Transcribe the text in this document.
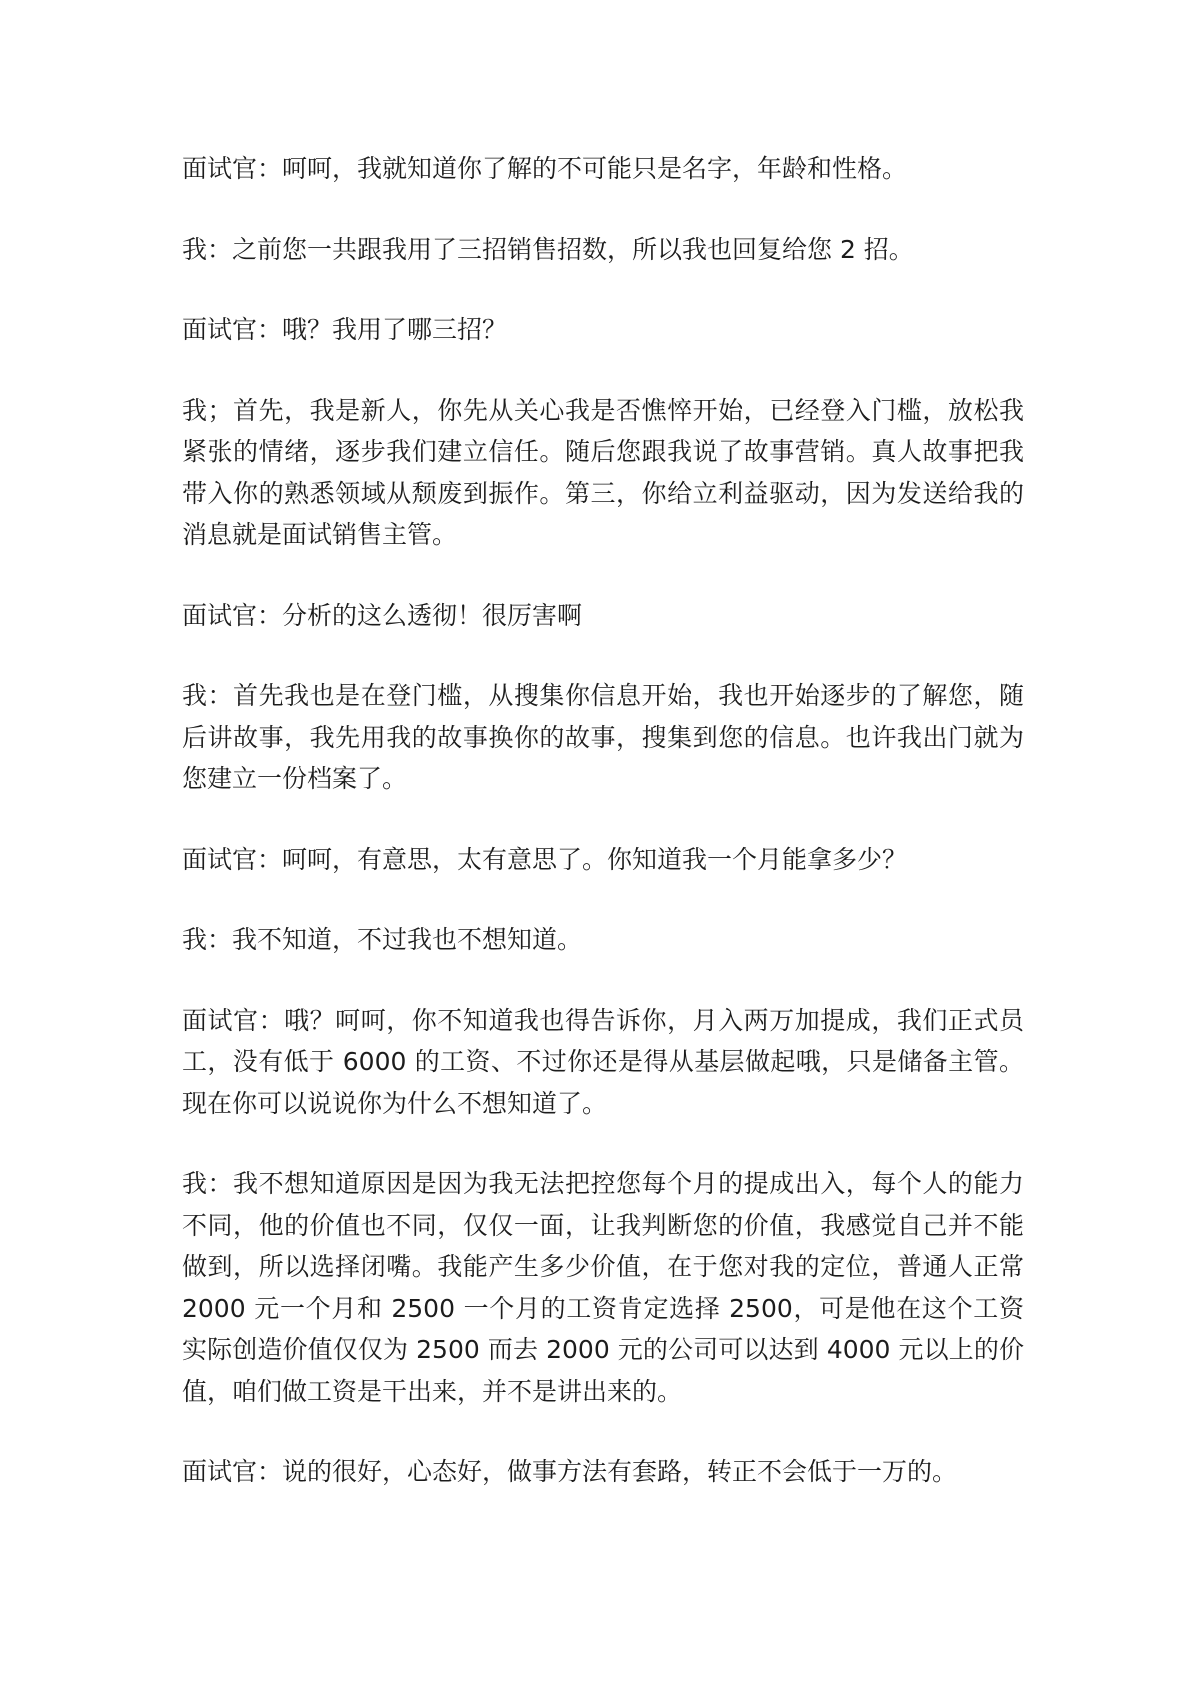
面试官：呵呵，我就知道你了解的不可能只是名字，年龄和性格。

我：之前您一共跟我用了三招销售招数，所以我也回复给您 2 招。

面试官：哦？我用了哪三招？

我；首先，我是新人，你先从关心我是否憔悴开始，已经登入门槛，放松我紧张的情绪，逐步我们建立信任。随后您跟我说了故事营销。真人故事把我带入你的熟悉领域从颓废到振作。第三，你给立利益驱动，因为发送给我的消息就是面试销售主管。

面试官：分析的这么透彻！很厉害啊

我：首先我也是在登门槛，从搜集你信息开始，我也开始逐步的了解您，随后讲故事，我先用我的故事换你的故事，搜集到您的信息。也许我出门就为您建立一份档案了。

面试官：呵呵，有意思，太有意思了。你知道我一个月能拿多少？

我：我不知道，不过我也不想知道。

面试官：哦？呵呵，你不知道我也得告诉你，月入两万加提成，我们正式员工，没有低于 6000 的工资、不过你还是得从基层做起哦，只是储备主管。现在你可以说说你为什么不想知道了。

我：我不想知道原因是因为我无法把控您每个月的提成出入，每个人的能力不同，他的价值也不同，仅仅一面，让我判断您的价值，我感觉自己并不能做到，所以选择闭嘴。我能产生多少价值，在于您对我的定位，普通人正常 2000 元一个月和 2500 一个月的工资肯定选择 2500，可是他在这个工资实际创造价值仅仅为 2500 而去 2000 元的公司可以达到 4000 元以上的价值，咱们做工资是干出来，并不是讲出来的。

面试官：说的很好，心态好，做事方法有套路，转正不会低于一万的。
